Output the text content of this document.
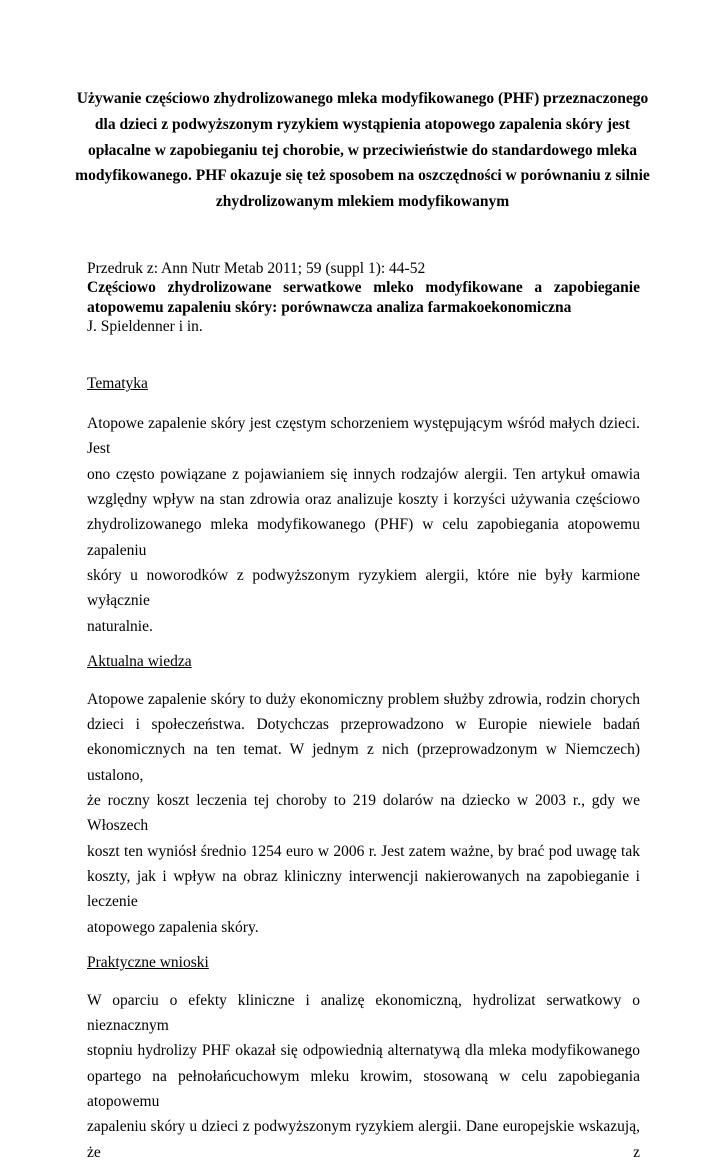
Używanie częściowo zhydrolizowanego mleka modyfikowanego (PHF) przeznaczonego
dla dzieci z podwyższonym ryzykiem wystąpienia atopowego zapalenia skóry jest
opłacalne w zapobieganiu tej chorobie, w przeciwieństwie do standardowego mleka
modyfikowanego. PHF okazuje się też sposobem na oszczędności w porównaniu z silnie
zhydrolizowanym mlekiem modyfikowanym
Przedruk z: Ann Nutr Metab 2011; 59 (suppl 1): 44-52
Częściowo zhydrolizowane serwatkowe mleko modyfikowane a zapobieganie
atopowemu zapaleniu skóry: porównawcza analiza farmakoekonomiczna
J. Spieldenner i in.
Tematyka
Atopowe zapalenie skóry jest częstym schorzeniem występującym wśród małych dzieci. Jest
ono często powiązane z pojawianiem się innych rodzajów alergii. Ten artykuł omawia
względny wpływ na stan zdrowia oraz analizuje koszty i korzyści używania częściowo
zhydrolizowanego mleka modyfikowanego (PHF) w celu zapobiegania atopowemu zapaleniu
skóry u noworodków z podwyższonym ryzykiem alergii, które nie były karmione wyłącznie
naturalnie.
Aktualna wiedza
Atopowe zapalenie skóry to duży ekonomiczny problem służby zdrowia, rodzin chorych
dzieci i społeczeństwa. Dotychczas przeprowadzono w Europie niewiele badań
ekonomicznych na ten temat. W jednym z nich (przeprowadzonym w Niemczech) ustalono,
że roczny koszt leczenia tej choroby to 219 dolarów na dziecko w 2003 r., gdy we Włoszech
koszt ten wyniósł średnio 1254 euro w 2006 r. Jest zatem ważne, by brać pod uwagę tak
koszty, jak i wpływ na obraz kliniczny interwencji nakierowanych na zapobieganie i leczenie
atopowego zapalenia skóry.
Praktyczne wnioski
W oparciu o efekty kliniczne i analizę ekonomiczną, hydrolizat serwatkowy o nieznacznym
stopniu hydrolizy PHF okazał się odpowiednią alternatywą dla mleka modyfikowanego
opartego na pełnołańcuchowym mleku krowim, stosowaną w celu zapobiegania atopowemu
zapaleniu skóry u dzieci z podwyższonym ryzykiem alergii. Dane europejskie wskazują, że z
